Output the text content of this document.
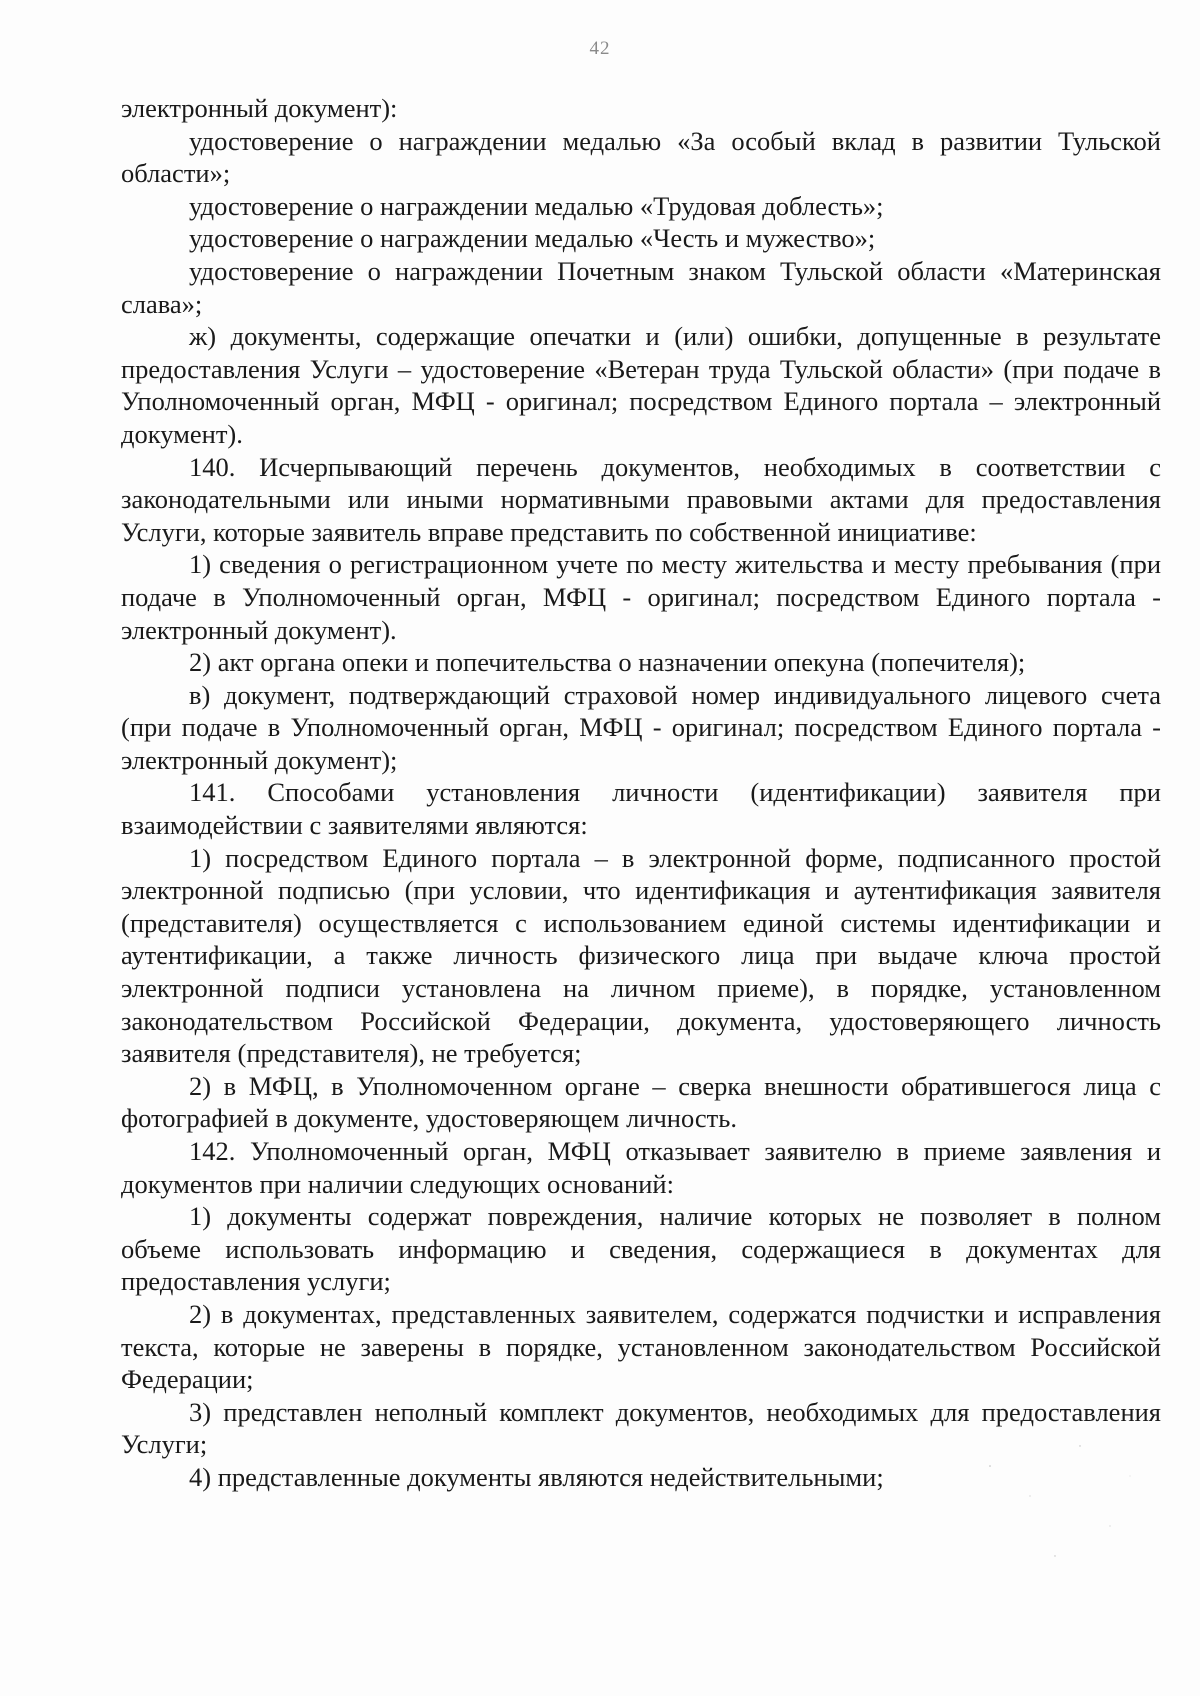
42

электронный документ):

удостоверение о награждении медалью «За особый вклад в развитии Тульской области»;

удостоверение о награждении медалью «Трудовая доблесть»;

удостоверение о награждении медалью «Честь и мужество»;

удостоверение о награждении Почетным знаком Тульской области «Материнская слава»;

ж) документы, содержащие опечатки и (или) ошибки, допущенные в результате предоставления Услуги – удостоверение «Ветеран труда Тульской области» (при подаче в Уполномоченный орган, МФЦ - оригинал; посредством Единого портала – электронный документ).

140. Исчерпывающий перечень документов, необходимых в соответствии с законодательными или иными нормативными правовыми актами для предоставления Услуги, которые заявитель вправе представить по собственной инициативе:

1) сведения о регистрационном учете по месту жительства и месту пребывания (при подаче в Уполномоченный орган, МФЦ - оригинал; посредством Единого портала - электронный документ).

2) акт органа опеки и попечительства о назначении опекуна (попечителя);

в) документ, подтверждающий страховой номер индивидуального лицевого счета (при подаче в Уполномоченный орган, МФЦ - оригинал; посредством Единого портала - электронный документ);

141. Способами установления личности (идентификации) заявителя при взаимодействии с заявителями являются:

1) посредством Единого портала – в электронной форме, подписанного простой электронной подписью (при условии, что идентификация и аутентификация заявителя (представителя) осуществляется с использованием единой системы идентификации и аутентификации, а также личность физического лица при выдаче ключа простой электронной подписи установлена на личном приеме), в порядке, установленном законодательством Российской Федерации, документа, удостоверяющего личность заявителя (представителя), не требуется;

2) в МФЦ, в Уполномоченном органе – сверка внешности обратившегося лица с фотографией в документе, удостоверяющем личность.

142. Уполномоченный орган, МФЦ отказывает заявителю в приеме заявления и документов при наличии следующих оснований:

1) документы содержат повреждения, наличие которых не позволяет в полном объеме использовать информацию и сведения, содержащиеся в документах для предоставления услуги;

2) в документах, представленных заявителем, содержатся подчистки и исправления текста, которые не заверены в порядке, установленном законодательством Российской Федерации;

3) представлен неполный комплект документов, необходимых для предоставления Услуги;

4) представленные документы являются недействительными;
